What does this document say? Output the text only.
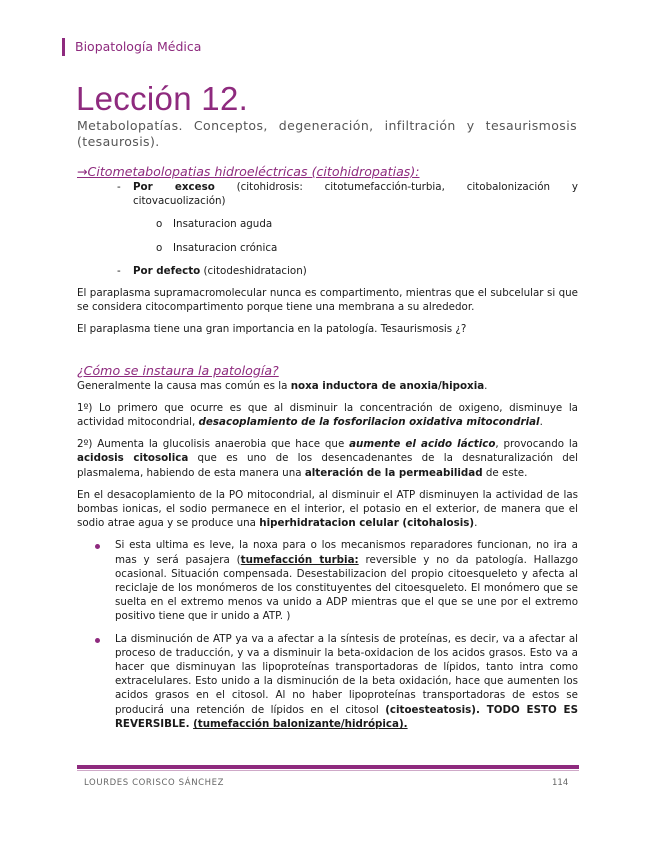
Biopatología Médica
Lección 12.
Metabolopatías. Conceptos, degeneración, infiltración y tesaurismosis (tesaurosis).
→Citometabolopatias hidroeléctricas (citohidropatias):
- Por exceso (citohidrosis: citotumefacción-turbia, citobalonización y citovacuolización)
o Insaturacion aguda
o Insaturacion crónica
- Por defecto (citodeshidratacion)

El paraplasma supramacromolecular nunca es compartimento, mientras que el subcelular si que se considera citocompartimento porque tiene una membrana a su alrededor.

El paraplasma tiene una gran importancia en la patología. Tesaurismosis ¿?

¿Cómo se instaura la patología?

Generalmente la causa mas común es la noxa inductora de anoxia/hipoxia.

1º) Lo primero que ocurre es que al disminuir la concentración de oxigeno, disminuye la actividad mitocondrial, desacoplamiento de la fosforilacion oxidativa mitocondrial.

2º) Aumenta la glucolisis anaerobia que hace que aumente el acido láctico, provocando la acidosis citosolica que es uno de los desencadenantes de la desnaturalización del plasmalema, habiendo de esta manera una alteración de la permeabilidad de este.

En el desacoplamiento de la PO mitocondrial, al disminuir el ATP disminuyen la actividad de las bombas ionicas, el sodio permanece en el interior, el potasio en el exterior, de manera que el sodio atrae agua y se produce una hiperhidratacion celular (citohalosis).

Si esta ultima es leve, la noxa para o los mecanismos reparadores funcionan, no ira a mas y será pasajera (tumefacción turbia: reversible y no da patología. Hallazgo ocasional. Situación compensada. Desestabilizacion del propio citoesqueleto y afecta al reciclaje de los monómeros de los constituyentes del citoesqueleto. El monómero que se suelta en el extremo menos va unido a ADP mientras que el que se une por el extremo positivo tiene que ir unido a ATP. )
La disminución de ATP ya va a afectar a la síntesis de proteínas, es decir, va a afectar al proceso de traducción, y va a disminuir la beta-oxidacion de los acidos grasos. Esto va a hacer que disminuyan las lipoproteínas transportadoras de lípidos, tanto intra como extracelulares. Esto unido a la disminución de la beta oxidación, hace que aumenten los acidos grasos en el citosol. Al no haber lipoproteínas transportadoras de estos se producirá una retención de lípidos en el citosol (citoesteatosis). TODO ESTO ES REVERSIBLE. (tumefacción balonizante/hidrópica).
LOURDES CORISCO SÁNCHEZ	114
